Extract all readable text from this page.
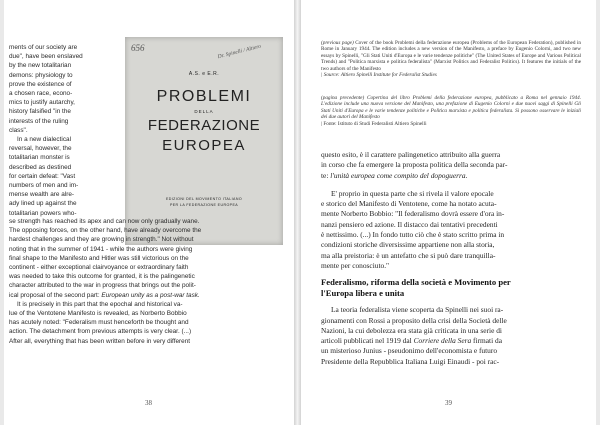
ments of our society are

due", have been enslaved

by the new totalitarian

demons: physiology to

prove the existence of

a chosen race, econo-

mics to justify autarchy,

history falsified "in the

interests of the ruling

class".

In a new dialectical

reversal, however, the

totalitarian monster is

described as destined

for certain defeat: "Vast

numbers of men and im-

mense wealth are alre-

ady lined up against the

totalitarian powers who-

656	Dr. Spinelli / Altiero
A.S. e E.R.
PROBLEMI
DELLA
FEDERAZIONE
EUROPEA
EDIZIONI DEL MOVIMENTO ITALIANO
PER LA FEDERAZIONE EUROPEA

se strength has reached its apex and can now only gradually wane.

The opposing forces, on the other hand, have already overcome the

hardest challenges and they are growing in strength." Not without

noting that in the summer of 1941 - while the authors were giving

final shape to the Manifesto and Hitler was still victorious on the

continent - either exceptional clairvoyance or extraordinary faith

was needed to take this outcome for granted, it is the palingenetic

character attributed to the war in progress that brings out the polit-

ical proposal of the second part: European unity as a post-war task.

It is precisely in this part that the epochal and historical va-

lue of the Ventotene Manifesto is revealed, as Norberto Bobbio

has acutely noted: "Federalism must henceforth be thought and

action. The detachment from previous attempts is very clear. (...)

After all, everything that has been written before in very different

38

(previous page) Cover of the book Problemi della federazione europea (Problems of the European Federation), published in Rome in January 1944. The edition includes a new version of the Manifesto, a preface by Eugenio Colorni, and two new essays by Spinelli, "Gli Stati Uniti d'Europa e le varie tendenze politiche" (The United States of Europe and Various Political Trends) and "Politica marxista e politica federalista" (Marxist Politics and Federalist Politics). It features the initials of the two authors of the Manifesto

| Source: Altiero Spinelli Institute for Federalist Studies

(pagina precedente) Copertina del libro Problemi della federazione europea, pubblicato a Roma nel gennaio 1944. L'edizione include una nuova versione del Manifesto, una prefazione di Eugenio Colorni e due nuovi saggi di Spinelli Gli Stati Uniti d'Europa e le varie tendenze politiche e Politica marxista e politica federalista. Si possono osservare le iniziali dei due autori del Manifesto

| Fonte: Istituto di Studi Federalisti Altiero Spinelli

questo esito, è il carattere palingenetico attribuito alla guerra

in corso che fa emergere la proposta politica della seconda par-

te: l'unità europea come compito del dopoguerra.

E' proprio in questa parte che si rivela il valore epocale

e storico del Manifesto di Ventotene, come ha notato acuta-

mente Norberto Bobbio: "Il federalismo dovrà essere d'ora in-

nanzi pensiero ed azione. Il distacco dai tentativi precedenti

è nettissimo. (...) In fondo tutto ciò che è stato scritto prima in

condizioni storiche diversissime appartiene non alla storia,

ma alla preistoria: è un antefatto che si può dare tranquilla-

mente per conosciuto."

Federalismo, riforma della società e Movimento per

l'Europa libera e unita

La teoria federalista viene scoperta da Spinelli nei suoi ra-

gionamenti con Rossi a proposito della crisi della Società delle

Nazioni, la cui debolezza era stata già criticata in una serie di

articoli pubblicati nel 1919 dal Corriere della Sera firmati da

un misterioso Junius - pseudonimo dell'economista e futuro

Presidente della Repubblica Italiana Luigi Einaudi - poi rac-

39
